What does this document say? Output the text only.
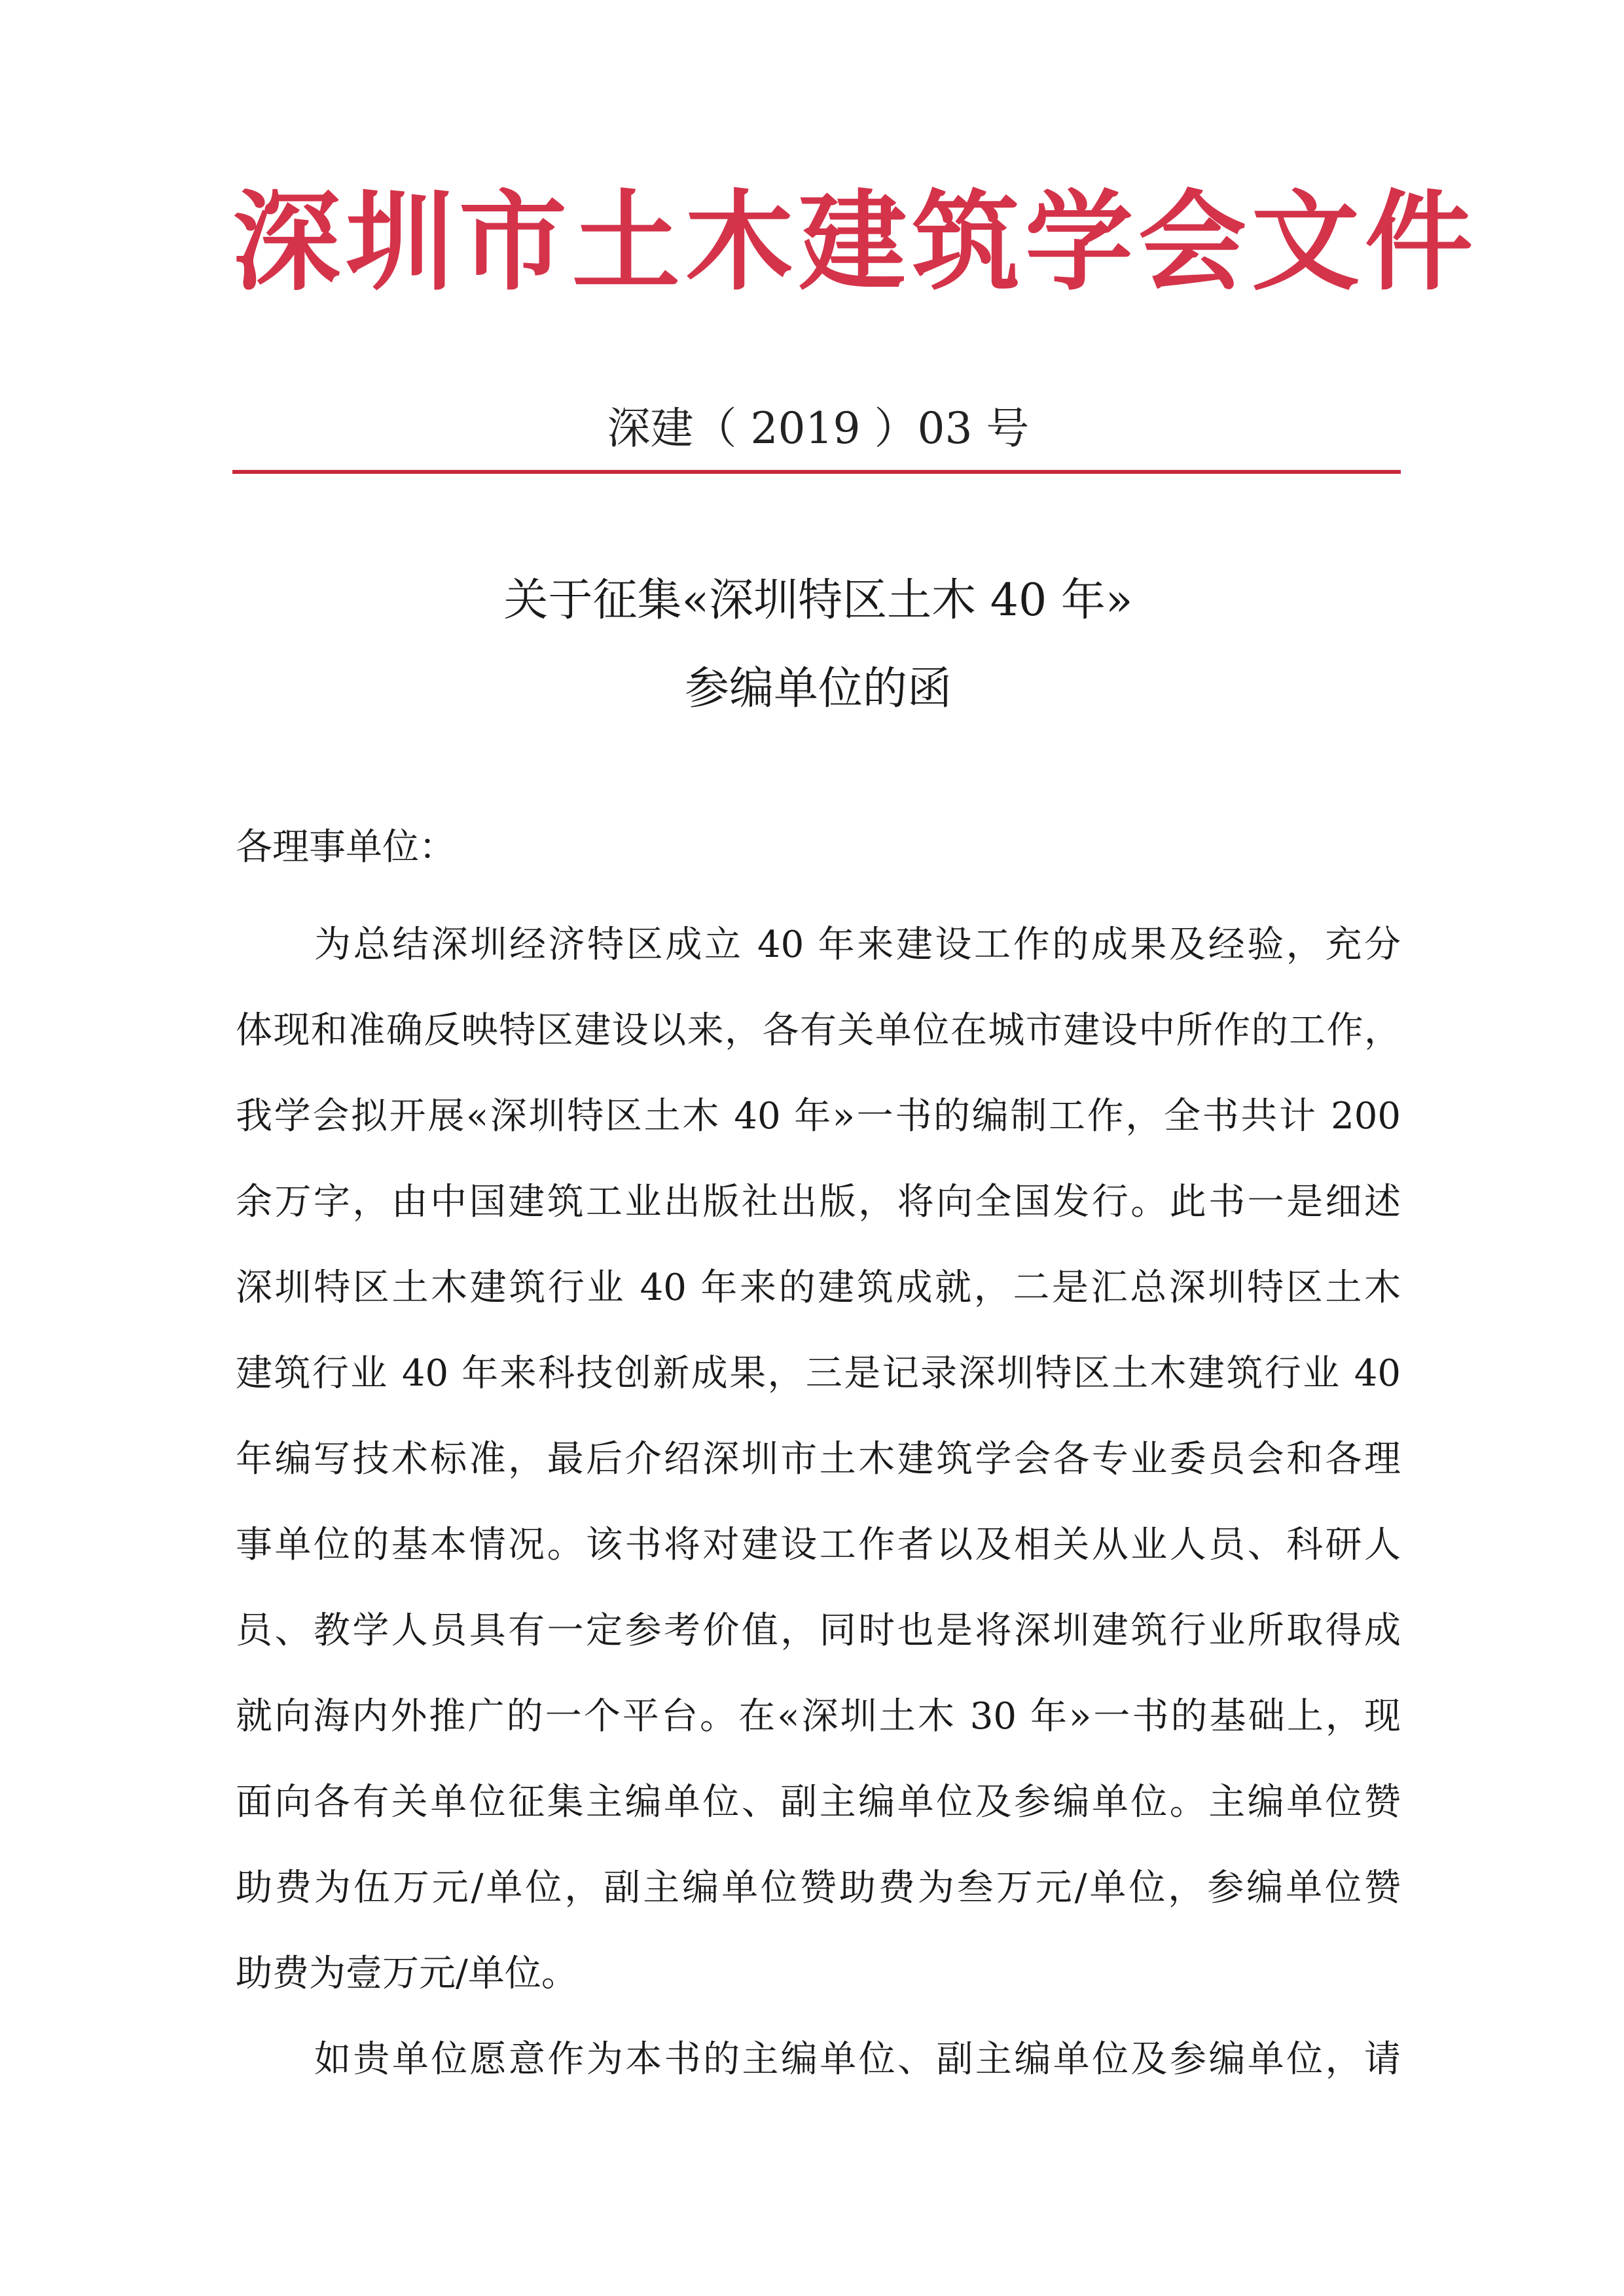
深圳市土木建筑学会文件
深建（ 2019 ）03 号
关于征集«深圳特区土木 40 年»
参编单位的函
各理事单位：
为总结深圳经济特区成立 40 年来建设工作的成果及经验，充分
体现和准确反映特区建设以来，各有关单位在城市建设中所作的工作，
我学会拟开展«深圳特区土木 40 年»一书的编制工作，全书共计 200
余万字，由中国建筑工业出版社出版，将向全国发行。此书一是细述
深圳特区土木建筑行业 40 年来的建筑成就，二是汇总深圳特区土木
建筑行业 40 年来科技创新成果，三是记录深圳特区土木建筑行业 40
年编写技术标准，最后介绍深圳市土木建筑学会各专业委员会和各理
事单位的基本情况。该书将对建设工作者以及相关从业人员、科研人
员、教学人员具有一定参考价值，同时也是将深圳建筑行业所取得成
就向海内外推广的一个平台。在«深圳土木 30 年»一书的基础上，现
面向各有关单位征集主编单位、副主编单位及参编单位。主编单位赞
助费为伍万元/单位，副主编单位赞助费为叁万元/单位，参编单位赞
助费为壹万元/单位。
如贵单位愿意作为本书的主编单位、副主编单位及参编单位，请
